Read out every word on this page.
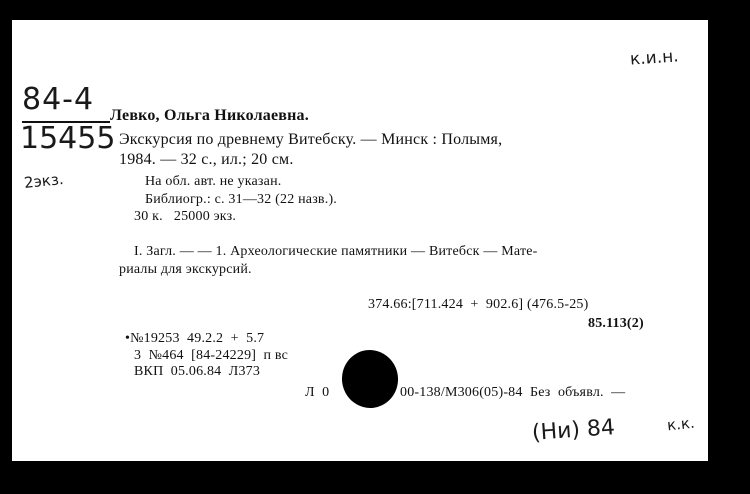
к.и.н.
84-4
15455
2экз.
Левко, Ольга Николаевна.
Экскурсия по древнему Витебску. — Минск : Полымя,
1984. — 32 с., ил.; 20 см.
На обл. авт. не указан.
Библиогр.: с. 31—32 (22 назв.).
30 к.   25000 экз.
I. Загл. — — 1. Археологические памятники — Витебск — Мате-
риалы для экскурсий.
374.66:[711.424  +  902.6] (476.5-25)
85.113(2)
•№19253  49.2.2  +  5.7
3  №464  [84-24229]  п вс
ВКП  05.06.84  Л373
Л  0	00-138/М306(05)-84  Без  объявл.  —
(Ни) 84	к.к.
